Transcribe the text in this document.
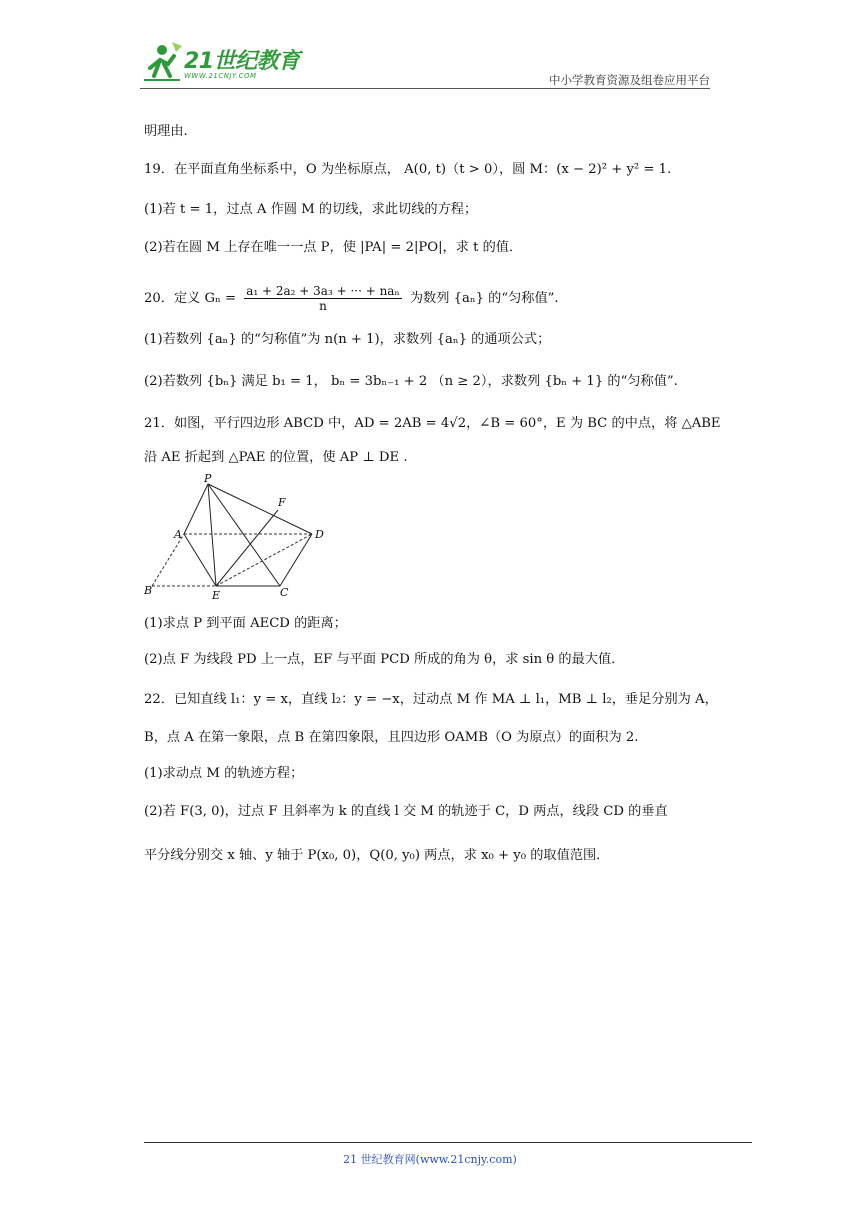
21世纪教育
WWW.21CNJY.COM	中小学教育资源及组卷应用平台
明理由.
19．在平面直角坐标系中，O 为坐标原点， A(0, t)（t > 0），圆 M：(x − 2)² + y² = 1.
(1)若 t = 1，过点 A 作圆 M 的切线，求此切线的方程；
(2)若在圆 M 上存在唯一一点 P，使 |PA| = 2|PO|，求 t 的值．
20．定义 Gₙ = a₁ + 2a₂ + 3a₃ + ··· + naₙ
n	为数列 {aₙ} 的“匀称值”.
(1)若数列 {aₙ} 的“匀称值”为 n(n + 1)，求数列 {aₙ} 的通项公式；
(2)若数列 {bₙ} 满足 b₁ = 1， bₙ = 3bₙ₋₁ + 2 （n ≥ 2），求数列 {bₙ + 1} 的“匀称值”.
21．如图，平行四边形 ABCD 中，AD = 2AB = 4√2，∠B = 60°，E 为 BC 的中点，将 △ABE
沿 AE 折起到 △PAE 的位置，使 AP ⊥ DE .
(1)求点 P 到平面 AECD 的距离；
(2)点 F 为线段 PD 上一点，EF 与平面 PCD 所成的角为 θ，求 sin θ 的最大值．
22．已知直线 l₁：y = x，直线 l₂：y = −x，过动点 M 作 MA ⊥ l₁，MB ⊥ l₂，垂足分别为 A，
B，点 A 在第一象限，点 B 在第四象限，且四边形 OAMB（O 为原点）的面积为 2.
(1)求动点 M 的轨迹方程；
(2)若 F(3, 0)，过点 F 且斜率为 k 的直线 l 交 M 的轨迹于 C，D 两点，线段 CD 的垂直
平分线分别交 x 轴、y 轴于 P(x₀, 0)，Q(0, y₀) 两点，求 x₀ + y₀ 的取值范围．
P
F
A	D
B	E	C
21 世纪教育网(www.21cnjy.com)
